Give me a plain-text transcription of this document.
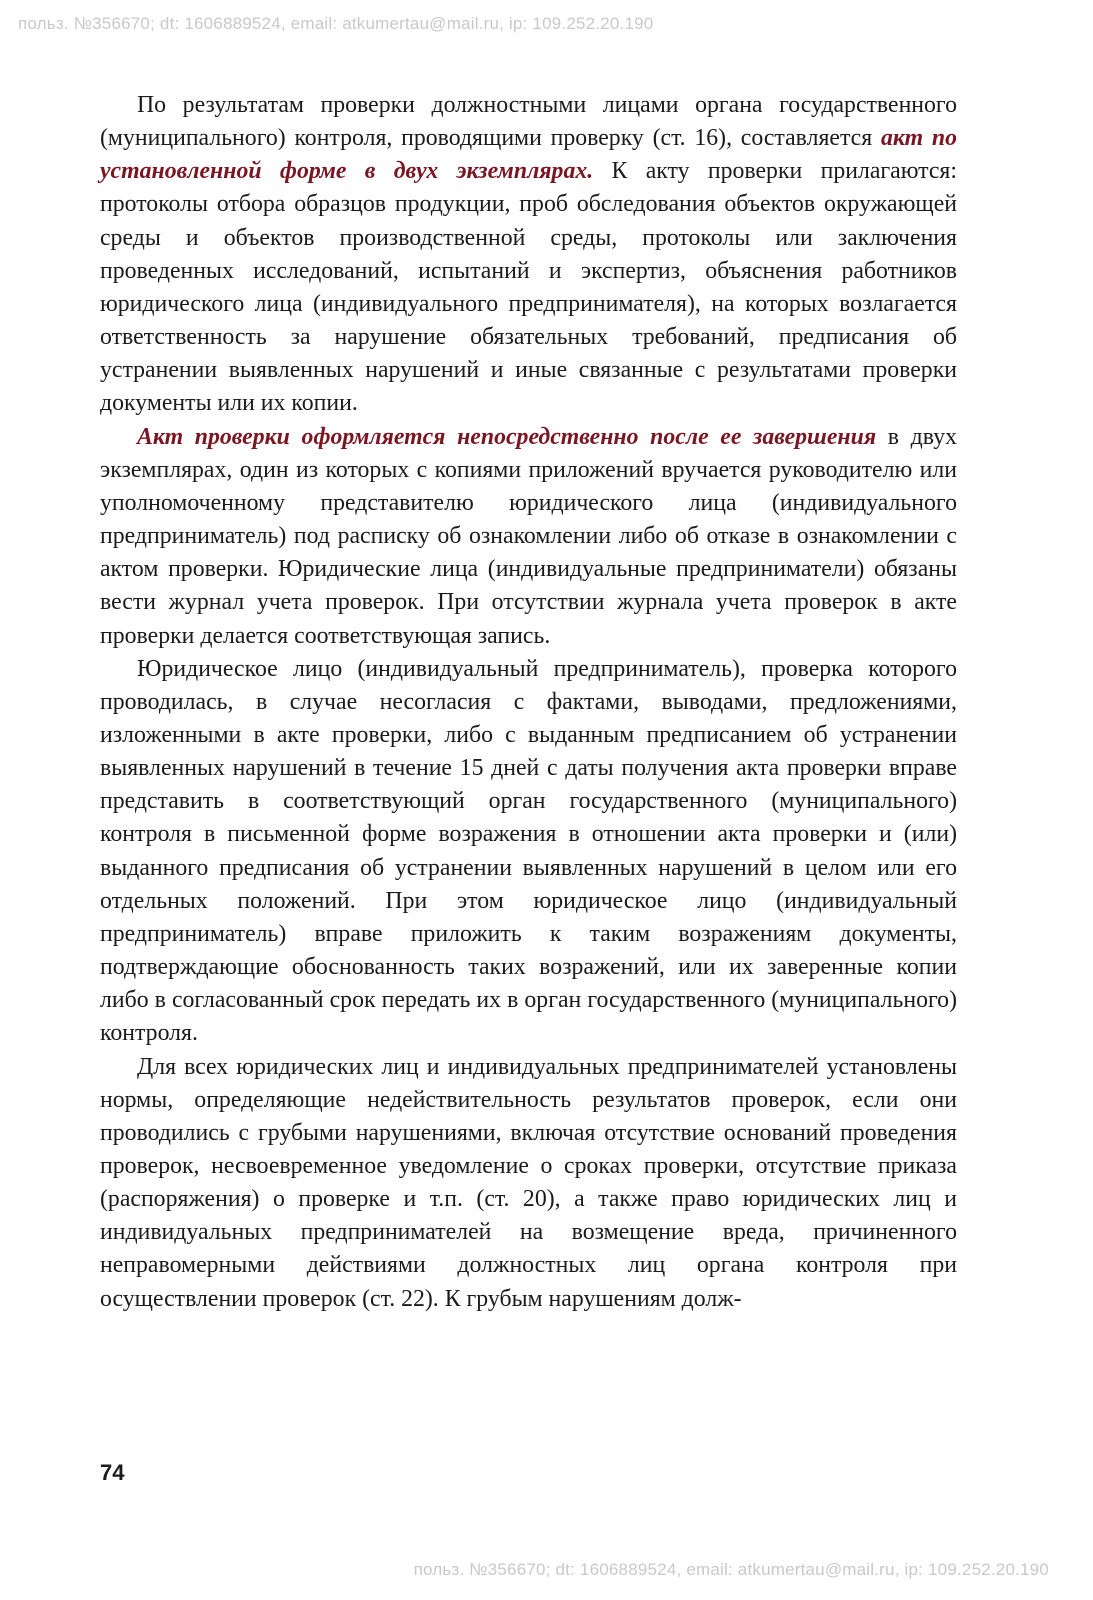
польз. №356670; dt: 1606889524, email: atkumertau@mail.ru, ip: 109.252.20.190

По результатам проверки должностными лицами органа государственного (муниципального) контроля, проводящими проверку (ст. 16), составляется акт по установленной форме в двух экземплярах. К акту проверки прилагаются: протоколы отбора образцов продукции, проб обследования объектов окружающей среды и объектов производственной среды, протоколы или заключения проведенных исследований, испытаний и экспертиз, объяснения работников юридического лица (индивидуального предпринимателя), на которых возлагается ответственность за нарушение обязательных требований, предписания об устранении выявленных нарушений и иные связанные с результатами проверки документы или их копии.

Акт проверки оформляется непосредственно после ее завершения в двух экземплярах, один из которых с копиями приложений вручается руководителю или уполномоченному представителю юридического лица (индивидуального предприниматель) под расписку об ознакомлении либо об отказе в ознакомлении с актом проверки. Юридические лица (индивидуальные предприниматели) обязаны вести журнал учета проверок. При отсутствии журнала учета проверок в акте проверки делается соответствующая запись.

Юридическое лицо (индивидуальный предприниматель), проверка которого проводилась, в случае несогласия с фактами, выводами, предложениями, изложенными в акте проверки, либо с выданным предписанием об устранении выявленных нарушений в течение 15 дней с даты получения акта проверки вправе представить в соответствующий орган государственного (муниципального) контроля в письменной форме возражения в отношении акта проверки и (или) выданного предписания об устранении выявленных нарушений в целом или его отдельных положений. При этом юридическое лицо (индивидуальный предприниматель) вправе приложить к таким возражениям документы, подтверждающие обоснованность таких возражений, или их заверенные копии либо в согласованный срок передать их в орган государственного (муниципального) контроля.

Для всех юридических лиц и индивидуальных предпринимателей установлены нормы, определяющие недействительность результатов проверок, если они проводились с грубыми нарушениями, включая отсутствие оснований проведения проверок, несвоевременное уведомление о сроках проверки, отсутствие приказа (распоряжения) о проверке и т.п. (ст. 20), а также право юридических лиц и индивидуальных предпринимателей на возмещение вреда, причиненного неправомерными действиями должностных лиц органа контроля при осуществлении проверок (ст. 22). К грубым нарушениям долж-

74
польз. №356670; dt: 1606889524, email: atkumertau@mail.ru, ip: 109.252.20.190
